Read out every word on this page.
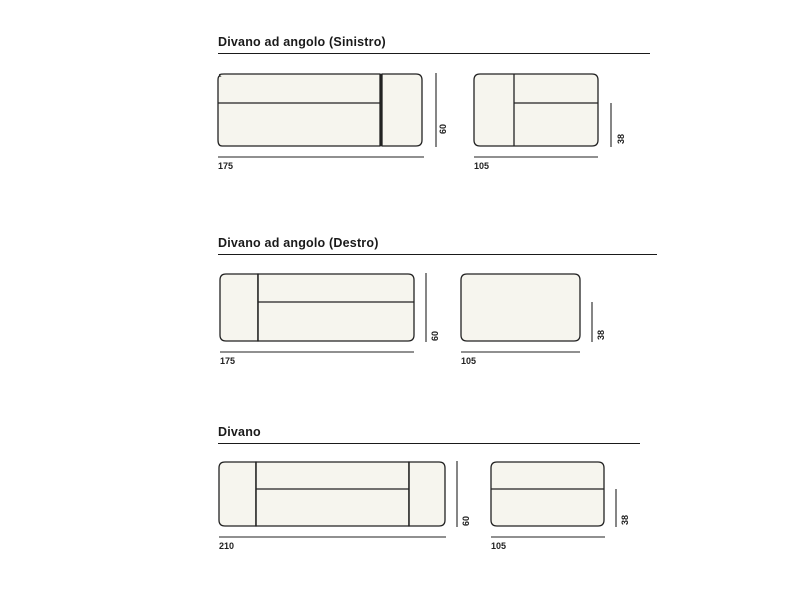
Divano ad angolo (Sinistro)
Divano ad angolo (Destro)
Divano
175
60
105
38
175
60
105
38
210
60
105
38
